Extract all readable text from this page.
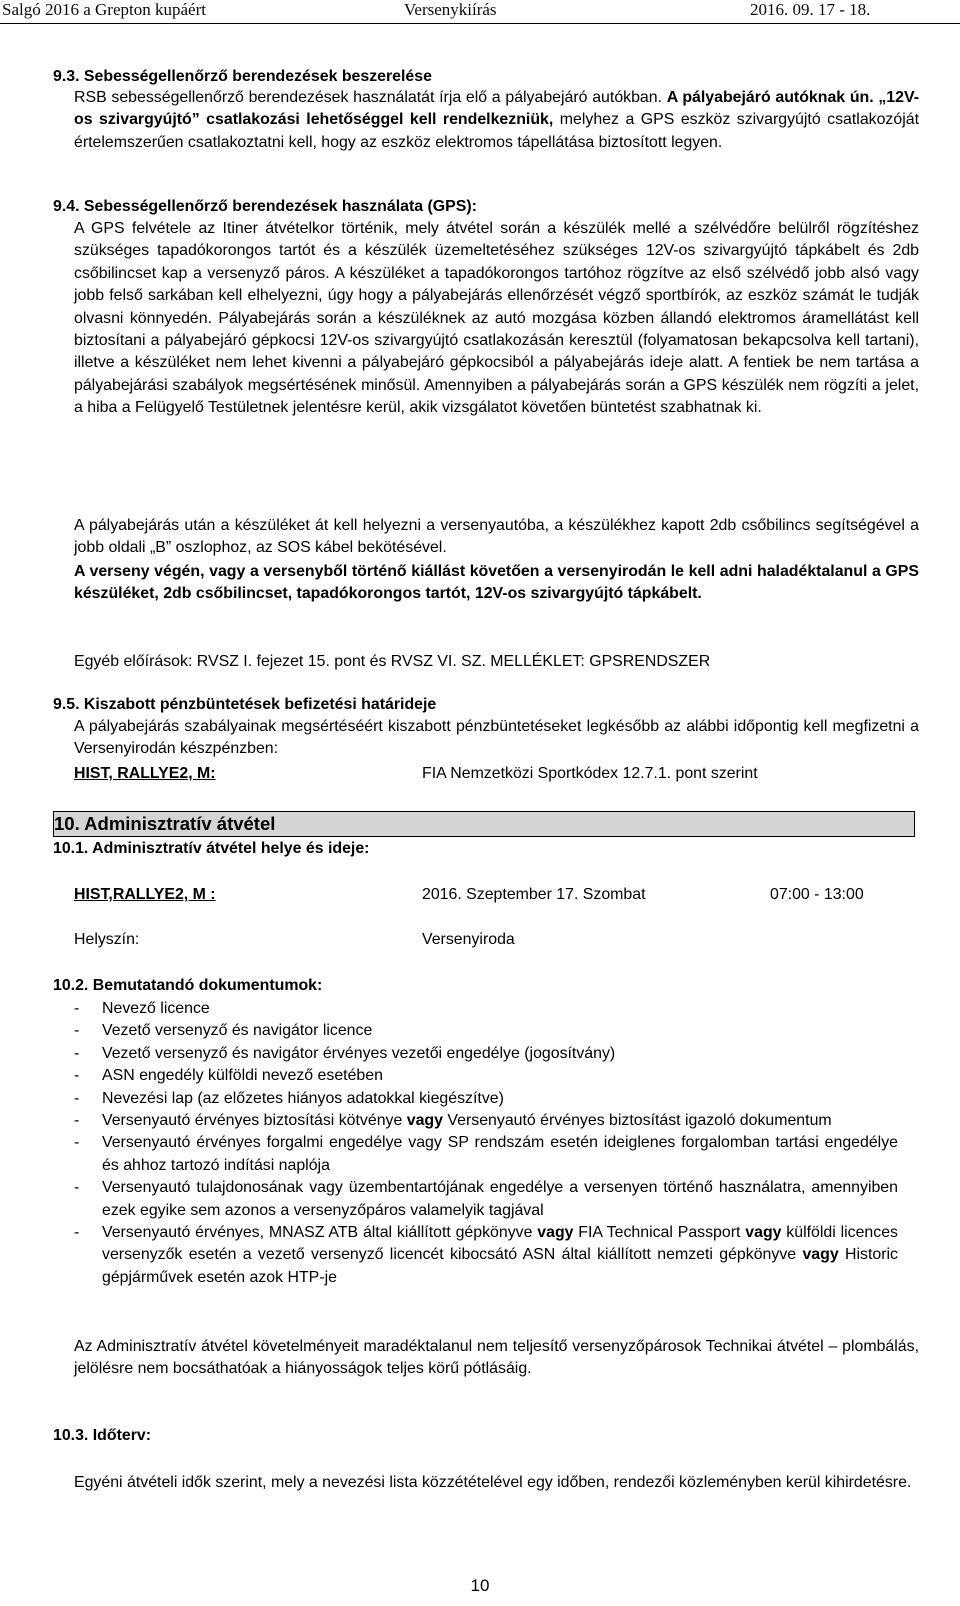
Salgó 2016 a Grepton kupáért	Versenykiírás	2016. 09. 17 - 18.
9.3. Sebességellenőrző berendezések beszerelése

RSB sebességellenőrző berendezések használatát írja elő a pályabejáró autókban. A pályabejáró autóknak ún. „12V-os szivargyújtó” csatlakozási lehetőséggel kell rendelkezniük, melyhez a GPS eszköz szivargyújtó csatlakozóját értelemszerűen csatlakoztatni kell, hogy az eszköz elektromos tápellátása biztosított legyen.

9.4. Sebességellenőrző berendezések használata (GPS):

A GPS felvétele az Itiner átvételkor történik, mely átvétel során a készülék mellé a szélvédőre belülről rögzítéshez szükséges tapadókorongos tartót és a készülék üzemeltetéséhez szükséges 12V-os szivargyújtó tápkábelt és 2db csőbilincset kap a versenyző páros. A készüléket a tapadókorongos tartóhoz rögzítve az első szélvédő jobb alsó vagy jobb felső sarkában kell elhelyezni, úgy hogy a pályabejárás ellenőrzését végző sportbírók, az eszköz számát le tudják olvasni könnyedén. Pályabejárás során a készüléknek az autó mozgása közben állandó elektromos áramellátást kell biztosítani a pályabejáró gépkocsi 12V-os szivargyújtó csatlakozásán keresztül (folyamatosan bekapcsolva kell tartani), illetve a készüléket nem lehet kivenni a pályabejáró gépkocsiból a pályabejárás ideje alatt. A fentiek be nem tartása a pályabejárási szabályok megsértésének minősül. Amennyiben a pályabejárás során a GPS készülék nem rögzíti a jelet, a hiba a Felügyelő Testületnek jelentésre kerül, akik vizsgálatot követően büntetést szabhatnak ki.

A pályabejárás után a készüléket át kell helyezni a versenyautóba, a készülékhez kapott 2db csőbilincs segítségével a jobb oldali „B” oszlophoz, az SOS kábel bekötésével.

A verseny végén, vagy a versenyből történő kiállást követően a versenyirodán le kell adni haladéktalanul a GPS készüléket, 2db csőbilincset, tapadókorongos tartót, 12V-os szivargyújtó tápkábelt.

Egyéb előírások: RVSZ I. fejezet 15. pont és RVSZ VI. SZ. MELLÉKLET: GPSRENDSZER

9.5. Kiszabott pénzbüntetések befizetési határideje

A pályabejárás szabályainak megsértéséért kiszabott pénzbüntetéseket legkésőbb az alábbi időpontig kell megfizetni a Versenyirodán készpénzben:

HIST, RALLYE2, M:	FIA Nemzetközi Sportkódex 12.7.1. pont szerint
10. Adminisztratív átvétel
10.1. Adminisztratív átvétel helye és ideje:
HIST,RALLYE2, M :	2016. Szeptember 17. Szombat	07:00 - 13:00
Helyszín:	Versenyiroda
10.2. Bemutatandó dokumentumok:
- Nevező licence
- Vezető versenyző és navigátor licence
- Vezető versenyző és navigátor érvényes vezetői engedélye (jogosítvány)
- ASN engedély külföldi nevező esetében
- Nevezési lap (az előzetes hiányos adatokkal kiegészítve)
- Versenyautó érvényes biztosítási kötvénye vagy Versenyautó érvényes biztosítást igazoló dokumentum
- Versenyautó érvényes forgalmi engedélye vagy SP rendszám esetén ideiglenes forgalomban tartási engedélye és ahhoz tartozó indítási naplója
- Versenyautó tulajdonosának vagy üzembentartójának engedélye a versenyen történő használatra, amennyiben ezek egyike sem azonos a versenyzőpáros valamelyik tagjával
- Versenyautó érvényes, MNASZ ATB által kiállított gépkönyve vagy FIA Technical Passport vagy külföldi licences versenyzők esetén a vezető versenyző licencét kibocsátó ASN által kiállított nemzeti gépkönyve vagy Historic gépjárművek esetén azok HTP-je

Az Adminisztratív átvétel követelményeit maradéktalanul nem teljesítő versenyzőpárosok Technikai átvétel – plombálás, jelölésre nem bocsáthatóak a hiányosságok teljes körű pótlásáig.

10.3. Időterv:

Egyéni átvételi idők szerint, mely a nevezési lista közzétételével egy időben, rendezői közleményben kerül kihirdetésre.

10
